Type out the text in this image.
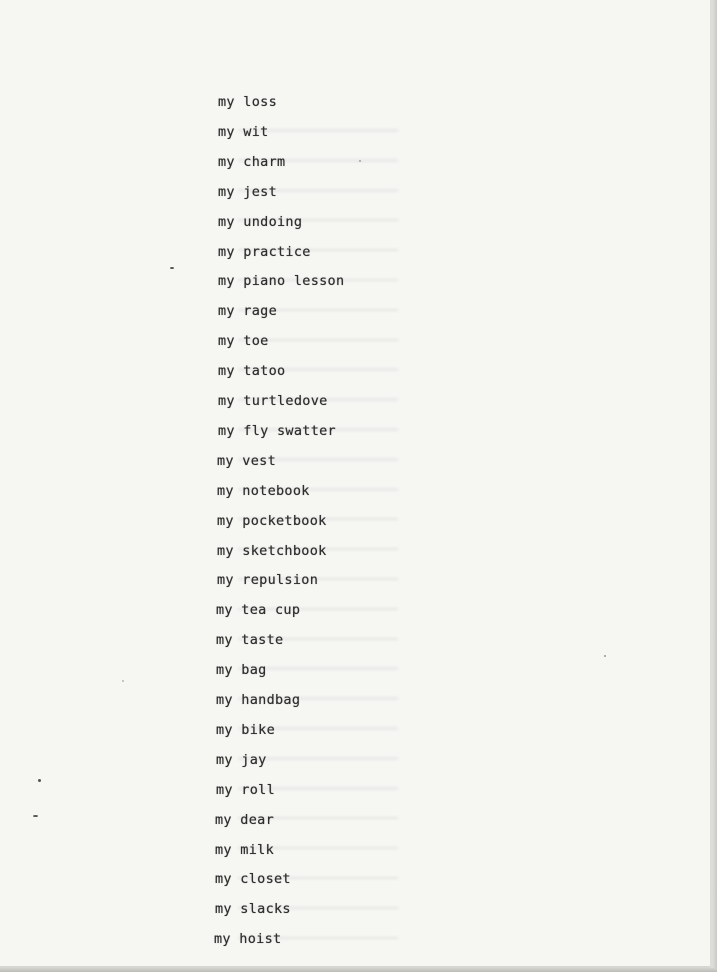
my loss
my wit
my charm
my jest
my undoing
my practice
my piano lesson
my rage
my toe
my tatoo
my turtledove
my fly swatter
my vest
my notebook
my pocketbook
my sketchbook
my repulsion
my tea cup
my taste
my bag
my handbag
my bike
my jay
my roll
my dear
my milk
my closet
my slacks
my hoist
